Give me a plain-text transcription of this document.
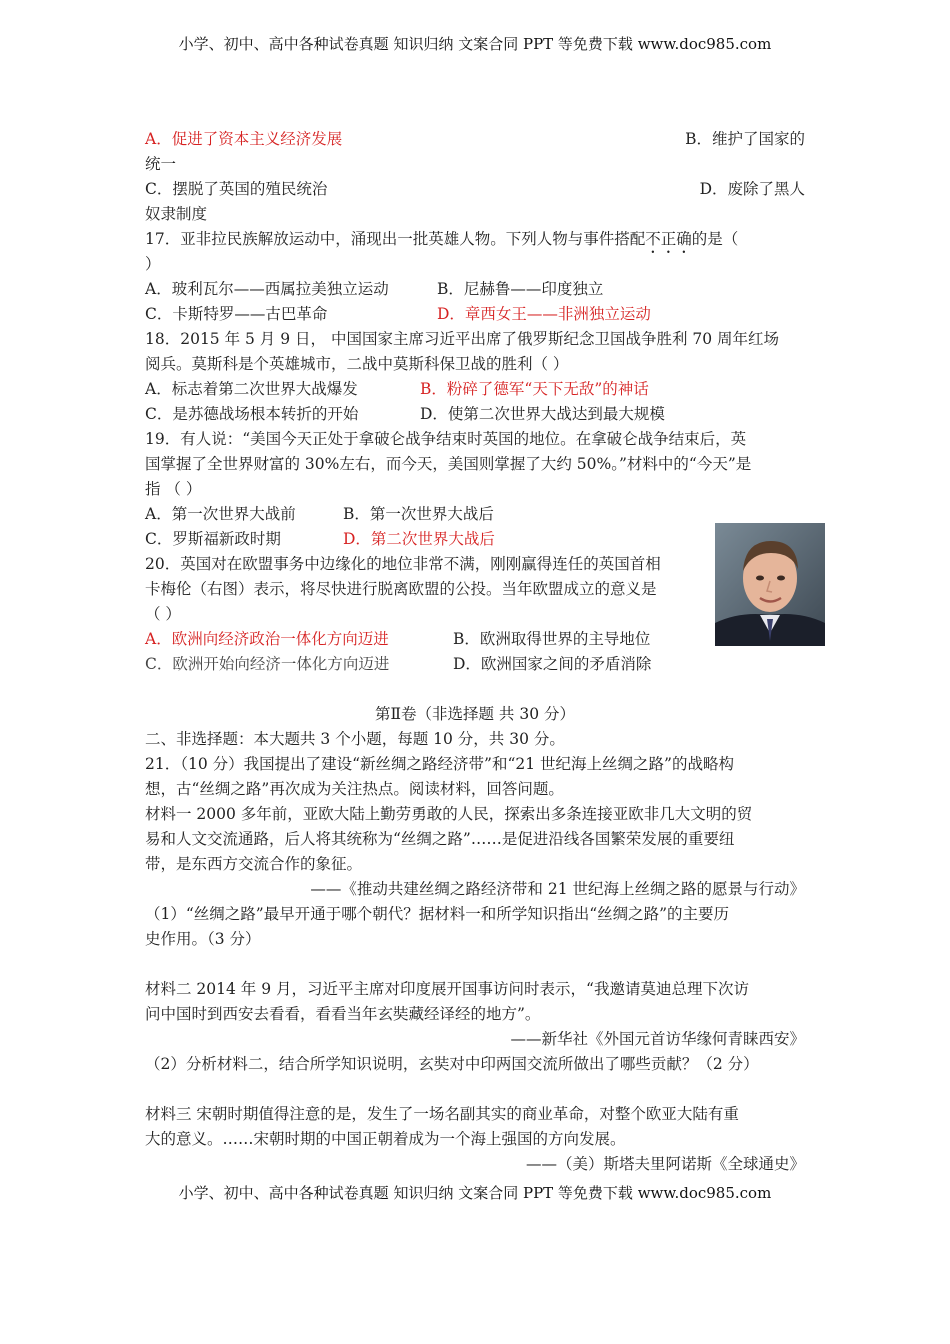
小学、初中、高中各种试卷真题 知识归纳 文案合同 PPT 等免费下载 www.doc985.com
A．促进了资本主义经济发展	B．维护了国家的
统一
C．摆脱了英国的殖民统治	D．废除了黑人
奴隶制度
17．亚非拉民族解放运动中，涌现出一批英雄人物。下列人物与事件搭配不正确的是（
）
A．玻利瓦尔——西属拉美独立运动	B．尼赫鲁——印度独立
C．卡斯特罗——古巴革命	D．章西女王——非洲独立运动
18．2015 年 5 月 9 日， 中国国家主席习近平出席了俄罗斯纪念卫国战争胜利 70 周年红场
阅兵。莫斯科是个英雄城市，二战中莫斯科保卫战的胜利（ ）
A．标志着第二次世界大战爆发	B．粉碎了德军“天下无敌”的神话
C．是苏德战场根本转折的开始	D．使第二次世界大战达到最大规模
19．有人说：“美国今天正处于拿破仑战争结束时英国的地位。在拿破仑战争结束后，英
国掌握了全世界财富的 30%左右，而今天，美国则掌握了大约 50%。”材料中的“今天”是
指 （ ）
A．第一次世界大战前	B．第一次世界大战后
C．罗斯福新政时期	D．第二次世界大战后
20．英国对在欧盟事务中边缘化的地位非常不满，刚刚赢得连任的英国首相
卡梅伦（右图）表示，将尽快进行脱离欧盟的公投。当年欧盟成立的意义是
（ ）
A．欧洲向经济政治一体化方向迈进	B．欧洲取得世界的主导地位
C．欧洲开始向经济一体化方向迈进	D．欧洲国家之间的矛盾消除
第Ⅱ卷（非选择题 共 30 分）
二、非选择题：本大题共 3 个小题，每题 10 分，共 30 分。
21．（10 分）我国提出了建设“新丝绸之路经济带”和“21 世纪海上丝绸之路”的战略构
想，古“丝绸之路”再次成为关注热点。阅读材料，回答问题。
材料一 2000 多年前，亚欧大陆上勤劳勇敢的人民，探索出多条连接亚欧非几大文明的贸
易和人文交流通路，后人将其统称为“丝绸之路”……是促进沿线各国繁荣发展的重要纽
带，是东西方交流合作的象征。
——《推动共建丝绸之路经济带和 21 世纪海上丝绸之路的愿景与行动》
（1）“丝绸之路”最早开通于哪个朝代？据材料一和所学知识指出“丝绸之路”的主要历
史作用。（3 分）
材料二 2014 年 9 月，习近平主席对印度展开国事访问时表示，“我邀请莫迪总理下次访
问中国时到西安去看看，看看当年玄奘藏经译经的地方”。
——新华社《外国元首访华缘何青睐西安》
（2）分析材料二，结合所学知识说明，玄奘对中印两国交流所做出了哪些贡献？（2 分）
材料三 宋朝时期值得注意的是，发生了一场名副其实的商业革命，对整个欧亚大陆有重
大的意义。……宋朝时期的中国正朝着成为一个海上强国的方向发展。
——（美）斯塔夫里阿诺斯《全球通史》
小学、初中、高中各种试卷真题 知识归纳 文案合同 PPT 等免费下载 www.doc985.com
